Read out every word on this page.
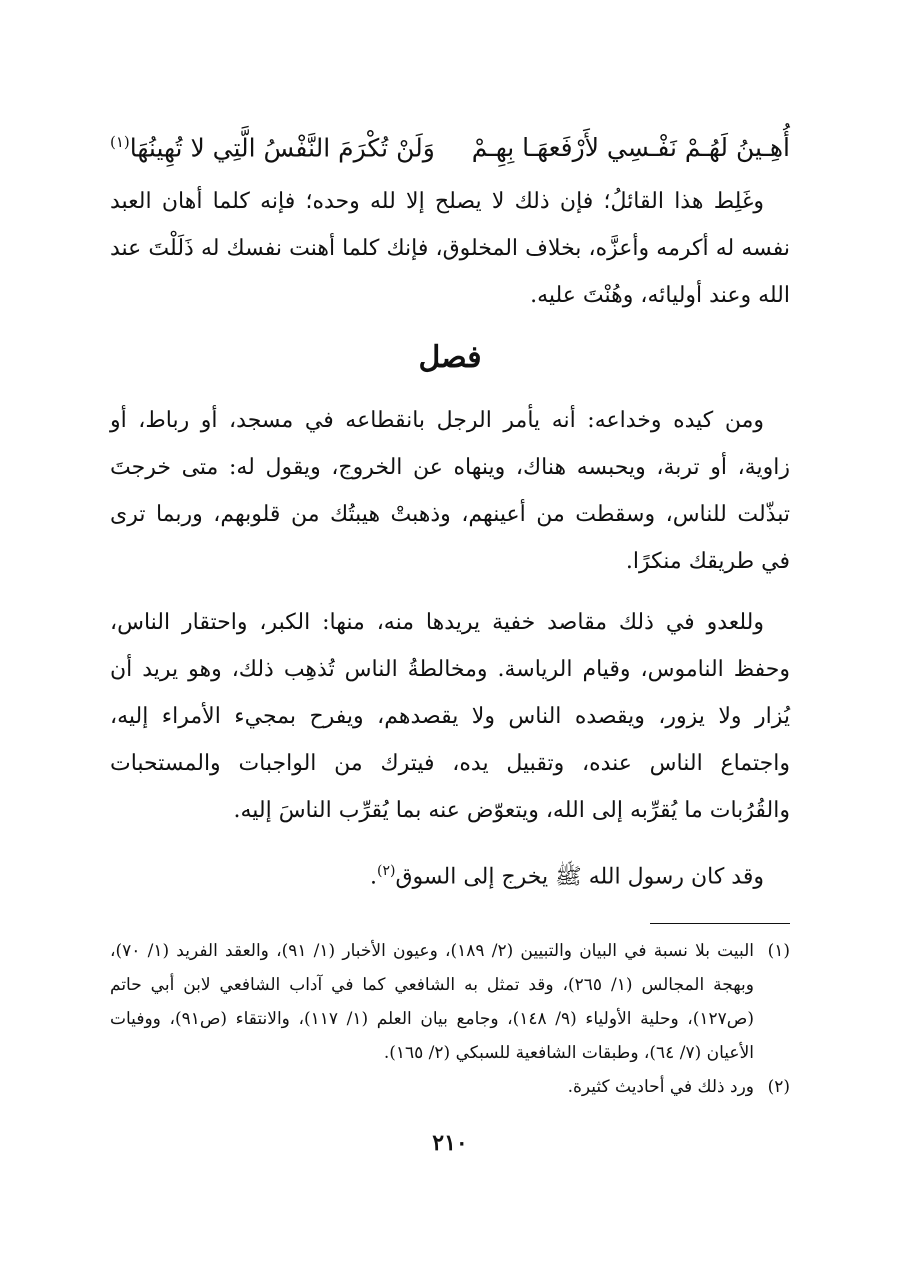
أُهِـينُ لَهُـمْ نَفْـسِي لأَرْفَعهَـا بِهِـمْ
وَلَنْ تُكْرَمَ النَّفْسُ الَّتِي لا تُهِينُهَا$^{(١)}$

وغَلِط هذا القائلُ؛ فإن ذلك لا يصلح إلا لله وحده؛ فإنه كلما أهان العبد نفسه له أكرمه وأعزَّه، بخلاف المخلوق، فإنك كلما أهنت نفسك له ذَلَلْتَ عند الله وعند أوليائه، وهُنْتَ عليه.

فصل

ومن كيده وخداعه: أنه يأمر الرجل بانقطاعه في مسجد، أو رباط، أو زاوية، أو تربة، ويحبسه هناك، وينهاه عن الخروج، ويقول له: متى خرجتَ تبذّلت للناس، وسقطت من أعينهم، وذهبتْ هيبتُك من قلوبهم، وربما ترى في طريقك منكرًا.

وللعدو في ذلك مقاصد خفية يريدها منه، منها: الكبر، واحتقار الناس، وحفظ الناموس، وقيام الرياسة. ومخالطةُ الناس تُذهِب ذلك، وهو يريد أن يُزار ولا يزور، ويقصده الناس ولا يقصدهم، ويفرح بمجيء الأمراء إليه، واجتماع الناس عنده، وتقبيل يده، فيترك من الواجبات والمستحبات والقُرُبات ما يُقرِّبه إلى الله، ويتعوّض عنه بما يُقرِّب الناسَ إليه.

وقد كان رسول الله ﷺ يخرج إلى السوق$^{(٢)}$.

(١)
البيت بلا نسبة في البيان والتبيين (٢/ ١٨٩)، وعيون الأخبار (١/ ٩١)، والعقد الفريد (١/ ٧٠)، وبهجة المجالس (١/ ٢٦٥)، وقد تمثل به الشافعي كما في آداب الشافعي لابن أبي حاتم (ص١٢٧)، وحلية الأولياء (٩/ ١٤٨)، وجامع بيان العلم (١/ ١١٧)، والانتقاء (ص٩١)، ووفيات الأعيان (٧/ ٦٤)، وطبقات الشافعية للسبكي (٢/ ١٦٥).
(٢)
ورد ذلك في أحاديث كثيرة.
٢١٠
